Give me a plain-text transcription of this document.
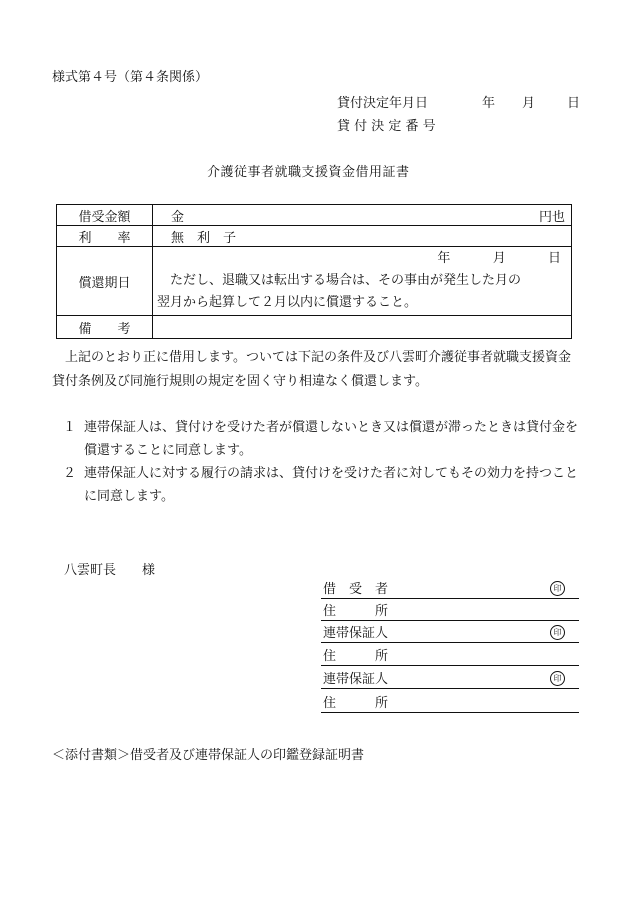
様式第４号（第４条関係）
貸付決定年月日	年 月 日
貸 付 決 定 番 号
介護従事者就職支援資金借用証書
借受金額	金 円也

利　　率	無　利　子

償還期日	年 月 日
ただし、退職又は転出する場合は、その事由が発生した月の
翌月から起算して２月以内に償還すること。

備　　考	
上記のとおり正に借用します。ついては下記の条件及び八雲町介護従事者就職支援資金貸付条例及び同施行規則の規定を固く守り相違なく償還します。
１ 連帯保証人は、貸付けを受けた者が償還しないとき又は償還が滞ったときは貸付金を償還することに同意します。
２ 連帯保証人に対する履行の請求は、貸付けを受けた者に対してもその効力を持つことに同意します。
八雲町長　　様
借　受　者	印
住　　　所
連帯保証人	印
住　　　所
連帯保証人	印
住　　　所
＜添付書類＞借受者及び連帯保証人の印鑑登録証明書
